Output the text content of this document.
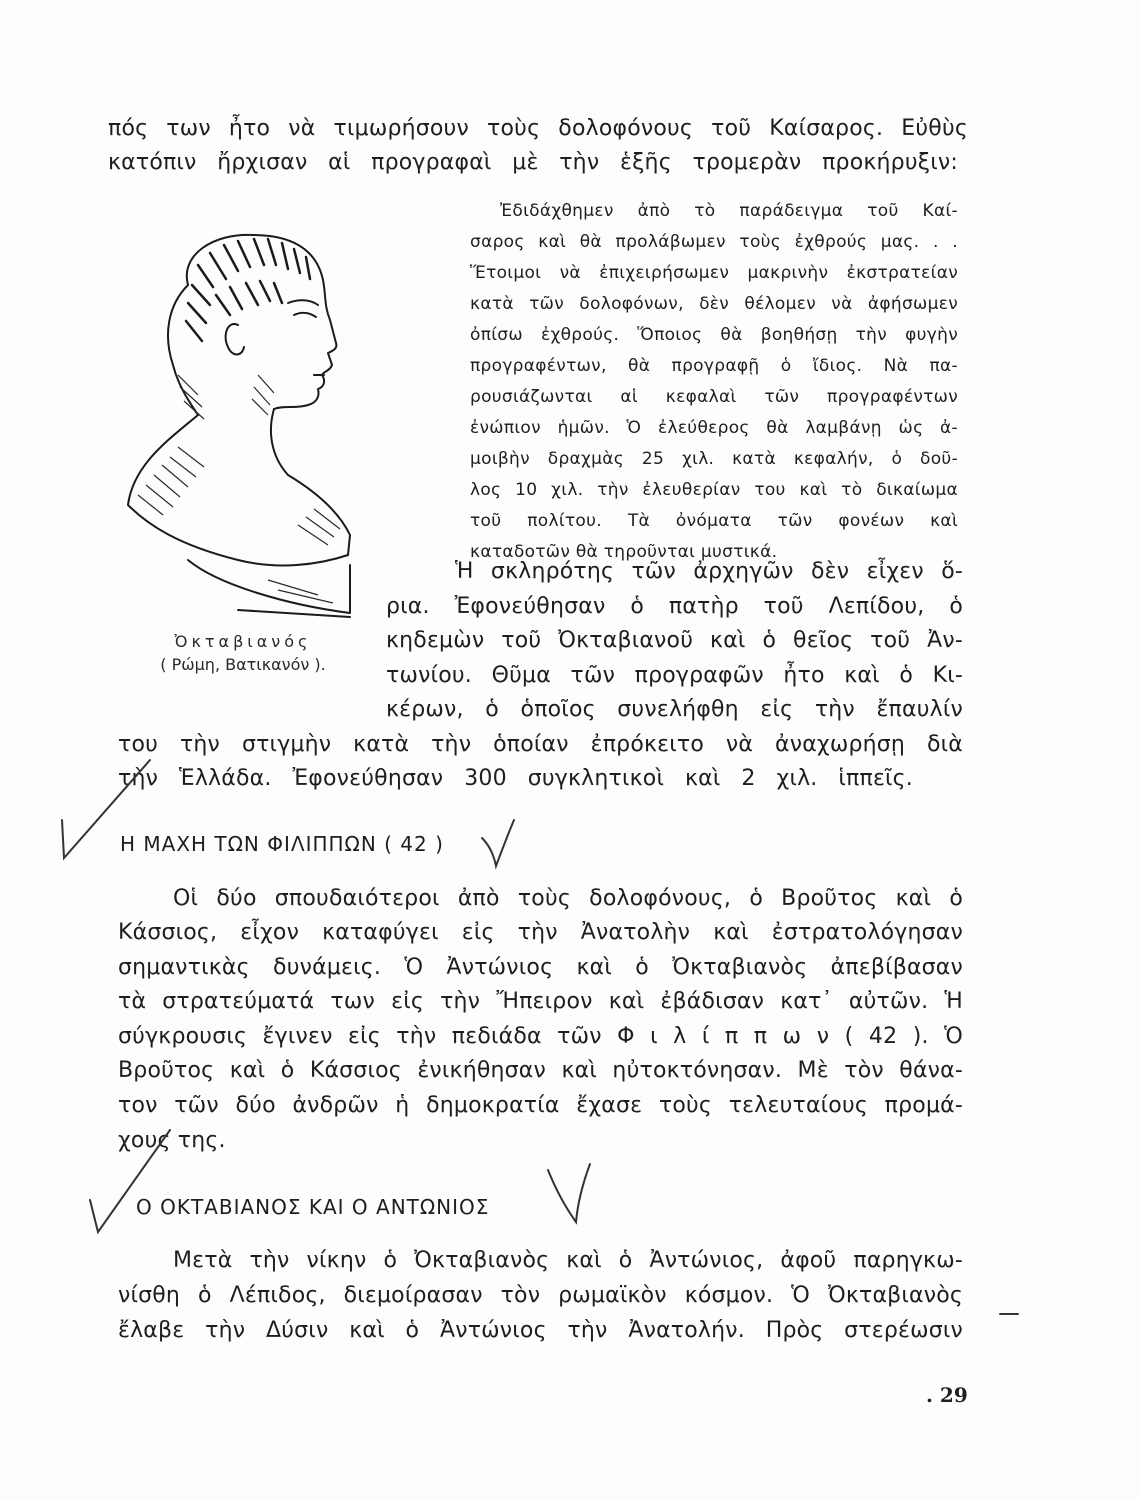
πός των ἦτο νὰ τιμωρήσουν τοὺς δολοφόνους τοῦ Καίσαρος. Εὐθὺς
κατόπιν ἤρχισαν αἱ προγραφαὶ μὲ τὴν ἑξῆς τρομερὰν προκήρυξιν:
Ἐδιδάχθημεν ἀπὸ τὸ παράδειγμα τοῦ Καί-
σαρος καὶ θὰ προλάβωμεν τοὺς ἐχθρούς μας. . .
Ἕτοιμοι νὰ ἐπιχειρήσωμεν μακρινὴν ἐκστρατείαν
κατὰ τῶν δολοφόνων, δὲν θέλομεν νὰ ἀφήσωμεν
ὀπίσω ἐχθρούς. Ὅποιος θὰ βοηθήσῃ τὴν φυγὴν
προγραφέντων, θὰ προγραφῇ ὁ ἴδιος. Νὰ πα-
ρουσιάζωνται αἱ κεφαλαὶ τῶν προγραφέντων
ἐνώπιον ἡμῶν. Ὁ ἐλεύθερος θὰ λαμβάνῃ ὡς ἀ-
μοιβὴν δραχμὰς 25 χιλ. κατὰ κεφαλήν, ὁ δοῦ-
λος 10 χιλ. τὴν ἐλευθερίαν του καὶ τὸ δικαίωμα
τοῦ πολίτου. Τὰ ὀνόματα τῶν φονέων καὶ
καταδοτῶν θὰ τηροῦνται μυστικά.
Ὀκταβιανός
( Ρώμη, Βατικανόν ).
Ἡ σκληρότης τῶν ἀρχηγῶν δὲν εἶχεν ὅ-
ρια. Ἐφονεύθησαν ὁ πατὴρ τοῦ Λεπίδου, ὁ
κηδεμὼν τοῦ Ὀκταβιανοῦ καὶ ὁ θεῖος τοῦ Ἀν-
τωνίου. Θῦμα τῶν προγραφῶν ἦτο καὶ ὁ Κι-
κέρων, ὁ ὁποῖος συνελήφθη εἰς τὴν ἔπαυλίν
του τὴν στιγμὴν κατὰ τὴν ὁποίαν ἐπρόκειτο νὰ ἀναχωρήσῃ διὰ
τὴν Ἑλλάδα. Ἐφονεύθησαν 300 συγκλητικοὶ καὶ 2 χιλ. ἱππεῖς.
Η ΜΑΧΗ ΤΩΝ ΦΙΛΙΠΠΩΝ ( 42 )
Οἱ δύο σπουδαιότεροι ἀπὸ τοὺς δολοφόνους, ὁ Βροῦτος καὶ ὁ
Κάσσιος, εἶχον καταφύγει εἰς τὴν Ἀνατολὴν καὶ ἐστρατολόγησαν
σημαντικὰς δυνάμεις. Ὁ Ἀντώνιος καὶ ὁ Ὀκταβιανὸς ἀπεβίβασαν
τὰ στρατεύματά των εἰς τὴν Ἤπειρον καὶ ἐβάδισαν κατ᾽ αὐτῶν. Ἡ
σύγκρουσις ἔγινεν εἰς τὴν πεδιάδα τῶν Φ ι λ ί π π ω ν ( 42 ). Ὁ
Βροῦτος καὶ ὁ Κάσσιος ἐνικήθησαν καὶ ηὐτοκτόνησαν. Μὲ τὸν θάνα-
τον τῶν δύο ἀνδρῶν ἡ δημοκρατία ἔχασε τοὺς τελευταίους προμά-
χους της.
Ο ΟΚΤΑΒΙΑΝΟΣ ΚΑΙ Ο ΑΝΤΩΝΙΟΣ
Μετὰ τὴν νίκην ὁ Ὀκταβιανὸς καὶ ὁ Ἀντώνιος, ἀφοῦ παρηγκω-
νίσθη ὁ Λέπιδος, διεμοίρασαν τὸν ρωμαϊκὸν κόσμον. Ὁ Ὀκταβιανὸς
ἔλαβε τὴν Δύσιν καὶ ὁ Ἀντώνιος τὴν Ἀνατολήν. Πρὸς στερέωσιν
. 29
